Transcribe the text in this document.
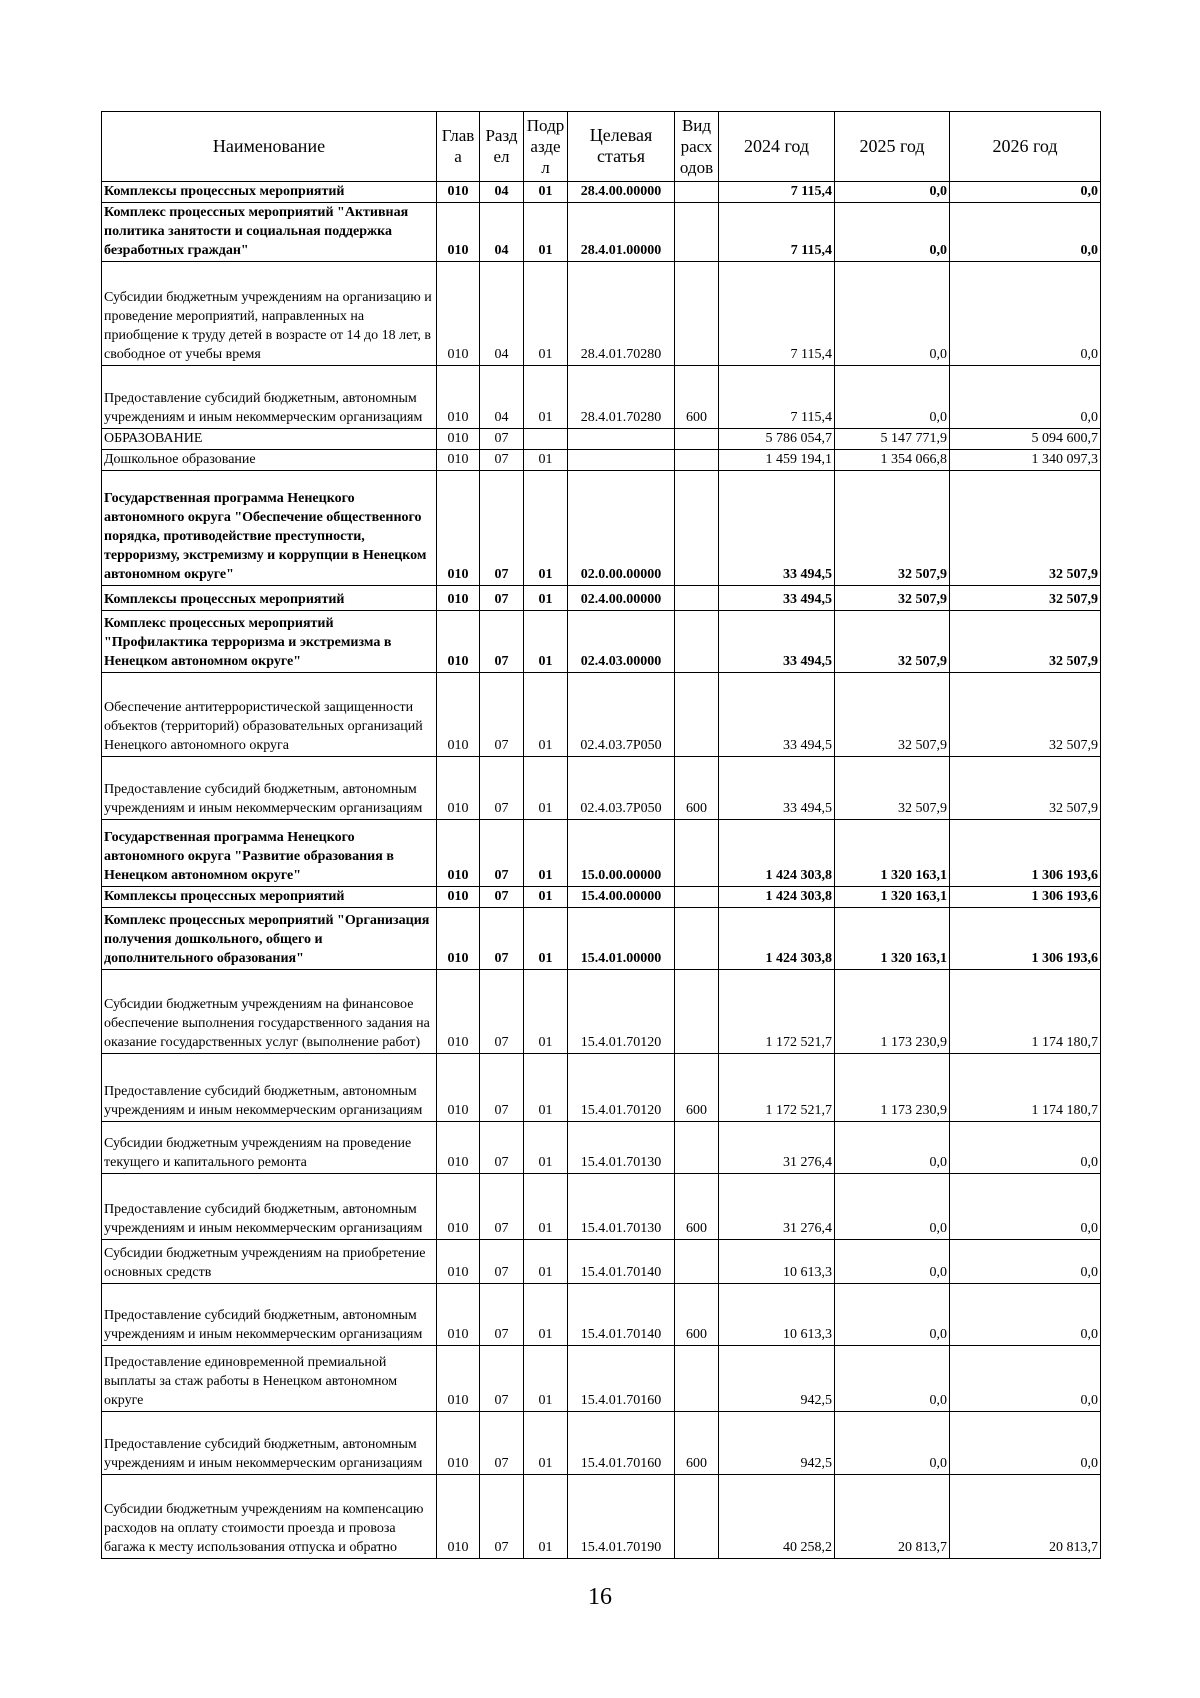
Наименование	Глав а	Разд ел	Подр азде л	Целевая статья	Вид расх одов	2024 год	2025 год	2026 год
Комплексы процессных мероприятий	010	04	01	28.4.00.00000		7 115,4	0,0	0,0
Комплекс процессных мероприятий "Активная политика занятости и социальная поддержка безработных граждан"	010	04	01	28.4.01.00000		7 115,4	0,0	0,0
Субсидии бюджетным учреждениям на организацию и проведение мероприятий, направленных на приобщение к труду детей в возрасте от 14 до 18 лет, в свободное от учебы время	010	04	01	28.4.01.70280		7 115,4	0,0	0,0
Предоставление субсидий бюджетным, автономным учреждениям и иным некоммерческим организациям	010	04	01	28.4.01.70280	600	7 115,4	0,0	0,0
ОБРАЗОВАНИЕ	010	07				5 786 054,7	5 147 771,9	5 094 600,7
Дошкольное образование	010	07	01			1 459 194,1	1 354 066,8	1 340 097,3
Государственная программа Ненецкого автономного округа "Обеспечение общественного порядка, противодействие преступности, терроризму, экстремизму и коррупции в Ненецком автономном округе"	010	07	01	02.0.00.00000		33 494,5	32 507,9	32 507,9
Комплексы процессных мероприятий	010	07	01	02.4.00.00000		33 494,5	32 507,9	32 507,9
Комплекс процессных мероприятий "Профилактика терроризма и экстремизма в Ненецком автономном округе"	010	07	01	02.4.03.00000		33 494,5	32 507,9	32 507,9
Обеспечение антитеррористической защищенности объектов (территорий) образовательных организаций Ненецкого автономного округа	010	07	01	02.4.03.7P050		33 494,5	32 507,9	32 507,9
Предоставление субсидий бюджетным, автономным учреждениям и иным некоммерческим организациям	010	07	01	02.4.03.7P050	600	33 494,5	32 507,9	32 507,9
Государственная программа Ненецкого автономного округа "Развитие образования в Ненецком автономном округе"	010	07	01	15.0.00.00000		1 424 303,8	1 320 163,1	1 306 193,6
Комплексы процессных мероприятий	010	07	01	15.4.00.00000		1 424 303,8	1 320 163,1	1 306 193,6
Комплекс процессных мероприятий "Организация получения дошкольного, общего и дополнительного образования"	010	07	01	15.4.01.00000		1 424 303,8	1 320 163,1	1 306 193,6
Субсидии бюджетным учреждениям на финансовое обеспечение выполнения государственного задания на оказание государственных услуг (выполнение работ)	010	07	01	15.4.01.70120		1 172 521,7	1 173 230,9	1 174 180,7
Предоставление субсидий бюджетным, автономным учреждениям и иным некоммерческим организациям	010	07	01	15.4.01.70120	600	1 172 521,7	1 173 230,9	1 174 180,7
Субсидии бюджетным учреждениям на проведение текущего и капитального ремонта	010	07	01	15.4.01.70130		31 276,4	0,0	0,0
Предоставление субсидий бюджетным, автономным учреждениям и иным некоммерческим организациям	010	07	01	15.4.01.70130	600	31 276,4	0,0	0,0
Субсидии бюджетным учреждениям на приобретение основных средств	010	07	01	15.4.01.70140		10 613,3	0,0	0,0
Предоставление субсидий бюджетным, автономным учреждениям и иным некоммерческим организациям	010	07	01	15.4.01.70140	600	10 613,3	0,0	0,0
Предоставление единовременной премиальной выплаты за стаж работы в Ненецком автономном округе	010	07	01	15.4.01.70160		942,5	0,0	0,0
Предоставление субсидий бюджетным, автономным учреждениям и иным некоммерческим организациям	010	07	01	15.4.01.70160	600	942,5	0,0	0,0
Субсидии бюджетным учреждениям на компенсацию расходов на оплату стоимости проезда и провоза багажа к месту использования отпуска и обратно	010	07	01	15.4.01.70190		40 258,2	20 813,7	20 813,7
16
